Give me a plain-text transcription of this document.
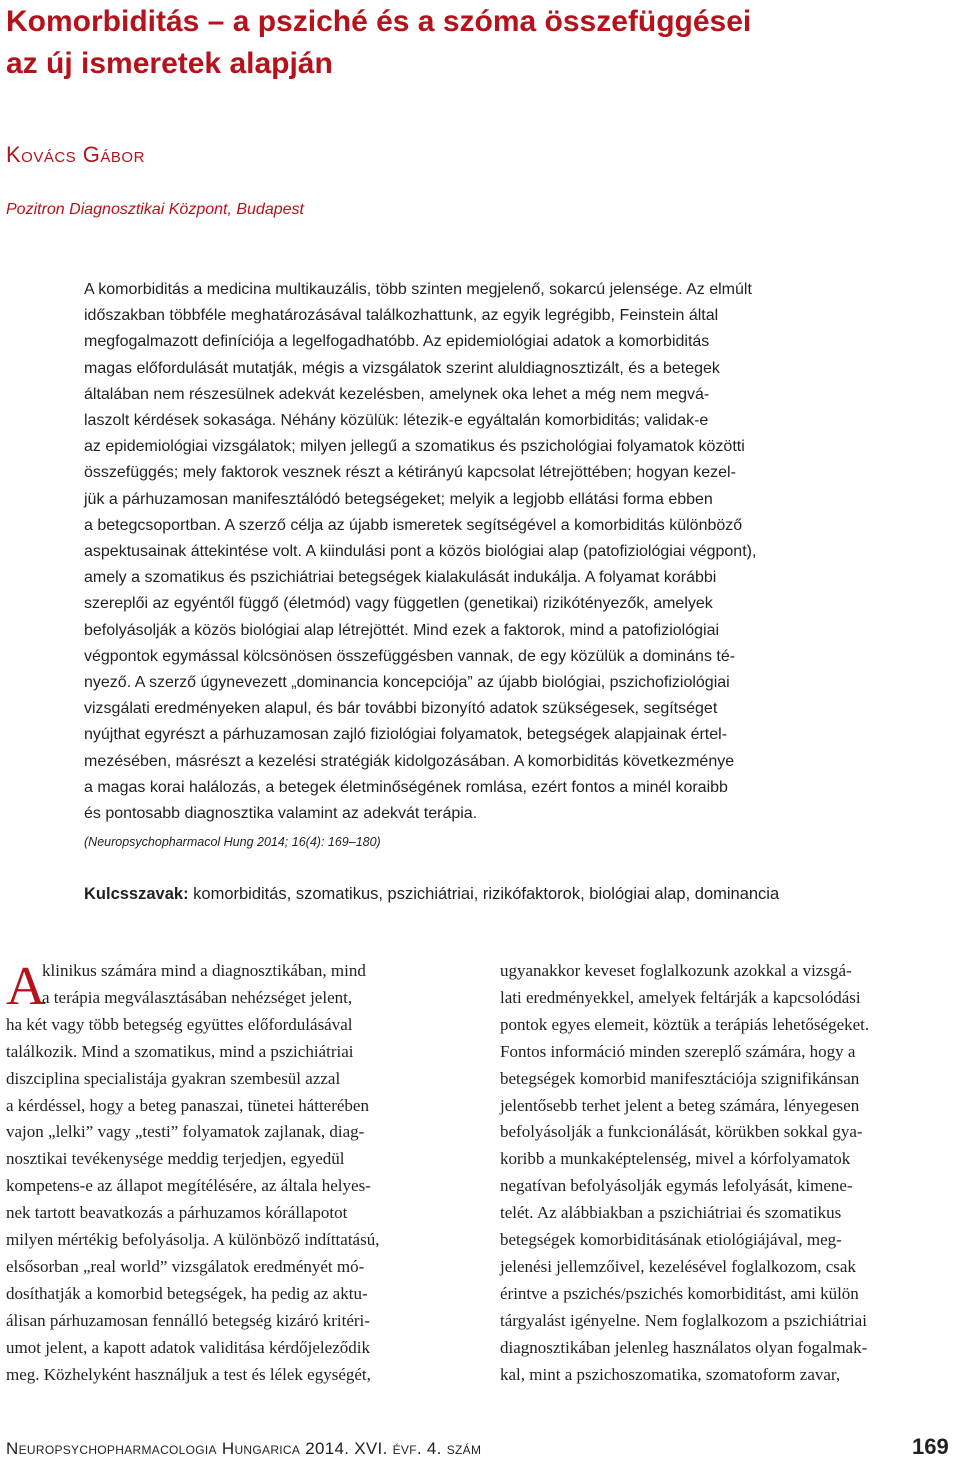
Komorbiditás – a psziché és a szóma összefüggései
az új ismeretek alapján
Kovács Gábor

Pozitron Diagnosztikai Központ, Budapest

A komorbiditás a medicina multikauzális, több szinten megjelenő, sokarcú jelensége. Az elmúlt
időszakban többféle meghatározásával találkozhattunk, az egyik legrégibb, Feinstein által
megfogalmazott definíciója a legelfogadhatóbb. Az epidemiológiai adatok a komorbiditás
magas előfordulását mutatják, mégis a vizsgálatok szerint aluldiagnosztizált, és a betegek
általában nem részesülnek adekvát kezelésben, amelynek oka lehet a még nem megvá-
laszolt kérdések sokasága. Néhány közülük: létezik-e egyáltalán komorbiditás; validak-e
az epidemiológiai vizsgálatok; milyen jellegű a szomatikus és pszichológiai folyamatok közötti
összefüggés; mely faktorok vesznek részt a kétirányú kapcsolat létrejöttében; hogyan kezel-
jük a párhuzamosan manifesztálódó betegségeket; melyik a legjobb ellátási forma ebben
a betegcsoportban. A szerző célja az újabb ismeretek segítségével a komorbiditás különböző
aspektusainak áttekintése volt. A kiindulási pont a közös biológiai alap (patofiziológiai végpont),
amely a szomatikus és pszichiátriai betegségek kialakulását indukálja. A folyamat korábbi
szereplői az egyéntől függő (életmód) vagy független (genetikai) rizikótényezők, amelyek
befolyásolják a közös biológiai alap létrejöttét. Mind ezek a faktorok, mind a patofiziológiai
végpontok egymással kölcsönösen összefüggésben vannak, de egy közülük a domináns té-
nyező. A szerző úgynevezett „dominancia koncepciója” az újabb biológiai, pszichofiziológiai
vizsgálati eredményeken alapul, és bár további bizonyító adatok szükségesek, segítséget
nyújthat egyrészt a párhuzamosan zajló fiziológiai folyamatok, betegségek alapjainak értel-
mezésében, másrészt a kezelési stratégiák kidolgozásában. A komorbiditás következménye
a magas korai halálozás, a betegek életminőségének romlása, ezért fontos a minél koraibb
és pontosabb diagnosztika valamint az adekvát terápia.

(Neuropsychopharmacol Hung 2014; 16(4): 169–180)

Kulcsszavak: komorbiditás, szomatikus, pszichiátriai, rizikófaktorok, biológiai alap, dominancia

A
klinikus számára mind a diagnosztikában, mind
a terápia megválasztásában nehézséget jelent,
ha két vagy több betegség együttes előfordulásával
találkozik. Mind a szomatikus, mind a pszichiátriai
diszciplina specialistája gyakran szembesül azzal
a kérdéssel, hogy a beteg panaszai, tünetei hátterében
vajon „lelki” vagy „testi” folyamatok zajlanak, diag-
nosztikai tevékenysége meddig terjedjen, egyedül
kompetens-e az állapot megítélésére, az általa helyes-
nek tartott beavatkozás a párhuzamos kórállapotot
milyen mértékig befolyásolja. A különböző indíttatású,
elsősorban „real world” vizsgálatok eredményét mó-
dosíthatják a komorbid betegségek, ha pedig az aktu-
álisan párhuzamosan fennálló betegség kizáró kritéri-
umot jelent, a kapott adatok validitása kérdőjeleződik
meg. Közhelyként használjuk a test és lélek egységét,
ugyanakkor keveset foglalkozunk azokkal a vizsgá-
lati eredményekkel, amelyek feltárják a kapcsolódási
pontok egyes elemeit, köztük a terápiás lehetőségeket.
Fontos információ minden szereplő számára, hogy a
betegségek komorbid manifesztációja szignifikánsan
jelentősebb terhet jelent a beteg számára, lényegesen
befolyásolják a funkcionálását, körükben sokkal gya-
koribb a munkaképtelenség, mivel a kórfolyamatok
negatívan befolyásolják egymás lefolyását, kimene-
telét. Az alábbiakban a pszichiátriai és szomatikus
betegségek komorbiditásának etiológiájával, meg-
jelenési jellemzőivel, kezelésével foglalkozom, csak
érintve a pszichés/pszichés komorbiditást, ami külön
tárgyalást igényelne. Nem foglalkozom a pszichiátriai
diagnosztikában jelenleg használatos olyan fogalmak-
kal, mint a pszichoszomatika, szomatoform zavar,

Neuropsychopharmacologia Hungarica 2014. XVI. évf. 4. szám	169
